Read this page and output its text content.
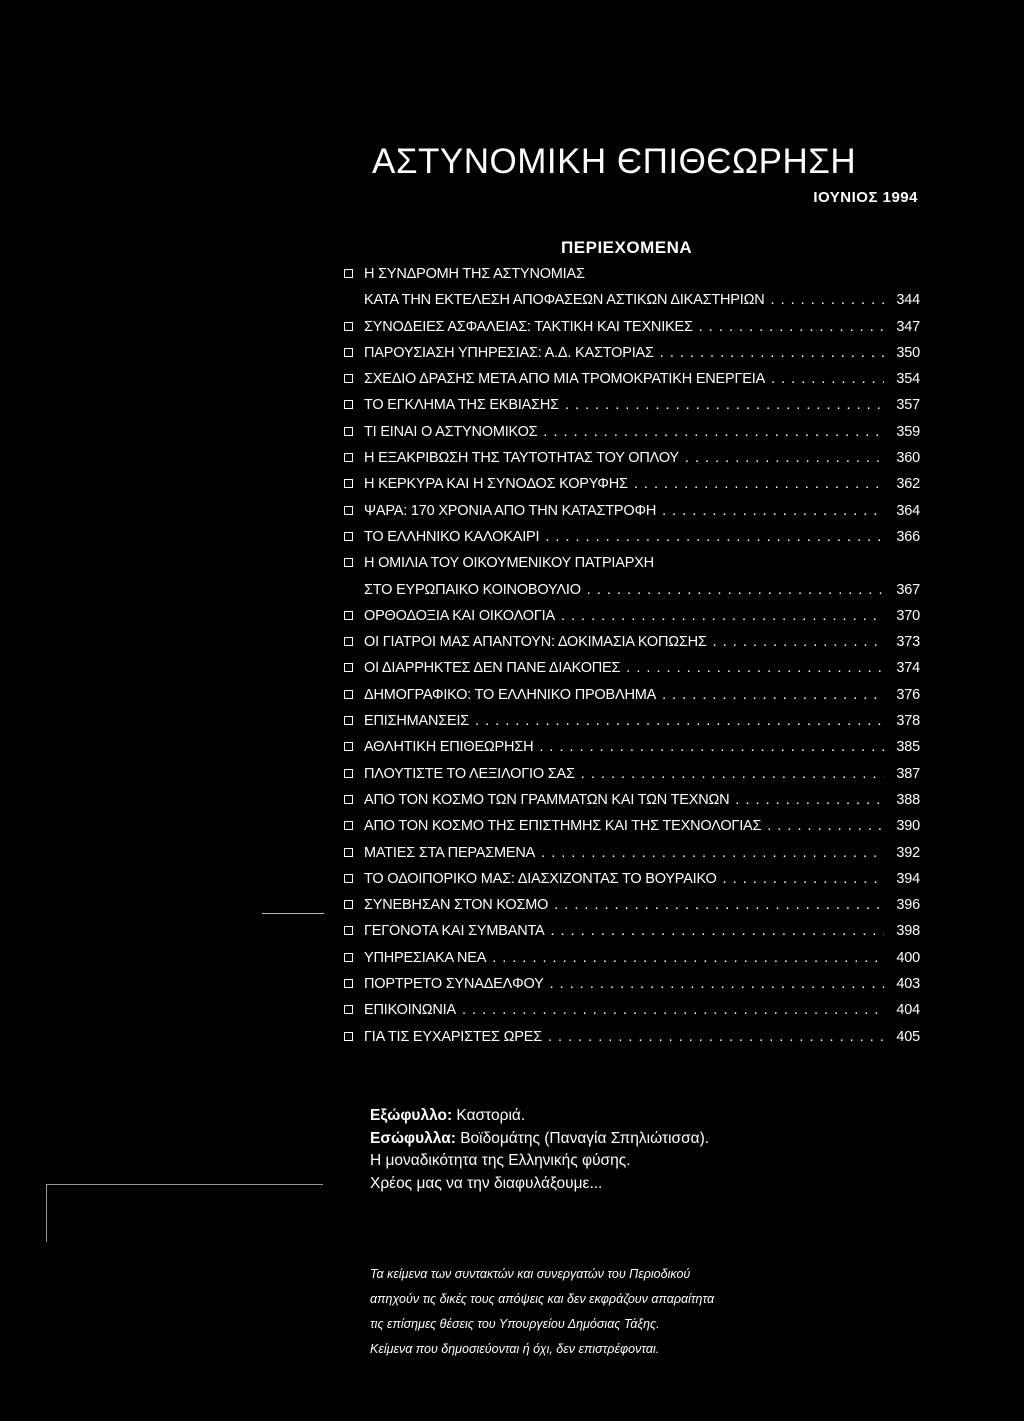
ΑΣΤΥΝΟΜΙΚΗ ЄΠΙΘЄΩΡΗΣΗ
ΙΟΥΝΙΟΣ 1994
ΠΕΡΙΕΧΟΜΕΝΑ
Η ΣΥΝΔΡΟΜΗ ΤΗΣ ΑΣΤΥΝΟΜΙΑΣ
ΚΑΤΑ ΤΗΝ ΕΚΤΕΛΕΣΗ ΑΠΟΦΑΣΕΩΝ ΑΣΤΙΚΩΝ ΔΙΚΑΣΤΗΡΙΩΝ . . .	344
ΣΥΝΟΔΕΙΕΣ ΑΣΦΑΛΕΙΑΣ: ΤΑΚΤΙΚΗ ΚΑΙ ΤΕΧΝΙΚΕΣ . . .	347
ΠΑΡΟΥΣΙΑΣΗ ΥΠΗΡΕΣΙΑΣ: Α.Δ. ΚΑΣΤΟΡΙΑΣ . . .	350
ΣΧΕΔΙΟ ΔΡΑΣΗΣ ΜΕΤΑ ΑΠΟ ΜΙΑ ΤΡΟΜΟΚΡΑΤΙΚΗ ΕΝΕΡΓΕΙΑ . . .	354
ΤΟ ΕΓΚΛΗΜΑ ΤΗΣ ΕΚΒΙΑΣΗΣ . . .	357
ΤΙ ΕΙΝΑΙ Ο ΑΣΤΥΝΟΜΙΚΟΣ . . .	359
Η ΕΞΑΚΡΙΒΩΣΗ ΤΗΣ ΤΑΥΤΟΤΗΤΑΣ ΤΟΥ ΟΠΛΟΥ . . .	360
Η ΚΕΡΚΥΡΑ ΚΑΙ Η ΣΥΝΟΔΟΣ ΚΟΡΥΦΗΣ . . .	362
ΨΑΡΑ: 170 ΧΡΟΝΙΑ ΑΠΟ ΤΗΝ ΚΑΤΑΣΤΡΟΦΗ . . .	364
ΤΟ ΕΛΛΗΝΙΚΟ ΚΑΛΟΚΑΙΡΙ . . .	366
Η ΟΜΙΛΙΑ ΤΟΥ ΟΙΚΟΥΜΕΝΙΚΟΥ ΠΑΤΡΙΑΡΧΗ
ΣΤΟ ΕΥΡΩΠΑΙΚΟ ΚΟΙΝΟΒΟΥΛΙΟ . . .	367
ΟΡΘΟΔΟΞΙΑ ΚΑΙ ΟΙΚΟΛΟΓΙΑ . . .	370
ΟΙ ΓΙΑΤΡΟΙ ΜΑΣ ΑΠΑΝΤΟΥΝ: ΔΟΚΙΜΑΣΙΑ ΚΟΠΩΣΗΣ . . .	373
ΟΙ ΔΙΑΡΡΗΚΤΕΣ ΔΕΝ ΠΑΝΕ ΔΙΑΚΟΠΕΣ . . .	374
ΔΗΜΟΓΡΑΦΙΚΟ: ΤΟ ΕΛΛΗΝΙΚΟ ΠΡΟΒΛΗΜΑ . . .	376
ΕΠΙΣΗΜΑΝΣΕΙΣ . . .	378
ΑΘΛΗΤΙΚΗ ΕΠΙΘΕΩΡΗΣΗ . . .	385
ΠΛΟΥΤΙΣΤΕ ΤΟ ΛΕΞΙΛΟΓΙΟ ΣΑΣ . . .	387
ΑΠΟ ΤΟΝ ΚΟΣΜΟ ΤΩΝ ΓΡΑΜΜΑΤΩΝ ΚΑΙ ΤΩΝ ΤΕΧΝΩΝ . . .	388
ΑΠΟ ΤΟΝ ΚΟΣΜΟ ΤΗΣ ΕΠΙΣΤΗΜΗΣ ΚΑΙ ΤΗΣ ΤΕΧΝΟΛΟΓΙΑΣ . . .	390
ΜΑΤΙΕΣ ΣΤΑ ΠΕΡΑΣΜΕΝΑ . . .	392
ΤΟ ΟΔΟΙΠΟΡΙΚΟ ΜΑΣ: ΔΙΑΣΧΙΖΟΝΤΑΣ ΤΟ ΒΟΥΡΑΙΚΟ . . .	394
ΣΥΝΕΒΗΣΑΝ ΣΤΟΝ ΚΟΣΜΟ . . .	396
ΓΕΓΟΝΟΤΑ ΚΑΙ ΣΥΜΒΑΝΤΑ . . .	398
ΥΠΗΡΕΣΙΑΚΑ ΝΕΑ . . .	400
ΠΟΡΤΡΕΤΟ ΣΥΝΑΔΕΛΦΟΥ . . .	403
ΕΠΙΚΟΙΝΩΝΙΑ . . .	404
ΓΙΑ ΤΙΣ ΕΥΧΑΡΙΣΤΕΣ ΩΡΕΣ . . .	405
Εξώφυλλο: Καστοριά.
Εσώφυλλα: Βοϊδομάτης (Παναγία Σπηλιώτισσα).
Η μοναδικότητα της Ελληνικής φύσης.
Χρέος μας να την διαφυλάξουμε...
Τα κείμενα των συντακτών και συνεργατών του Περιοδικού
απηχούν τις δικές τους απόψεις και δεν εκφράζουν απαραίτητα
τις επίσημες θέσεις του Υπουργείου Δημόσιας Τάξης.
Κείμενα που δημοσιεύονται ή όχι, δεν επιστρέφονται.
